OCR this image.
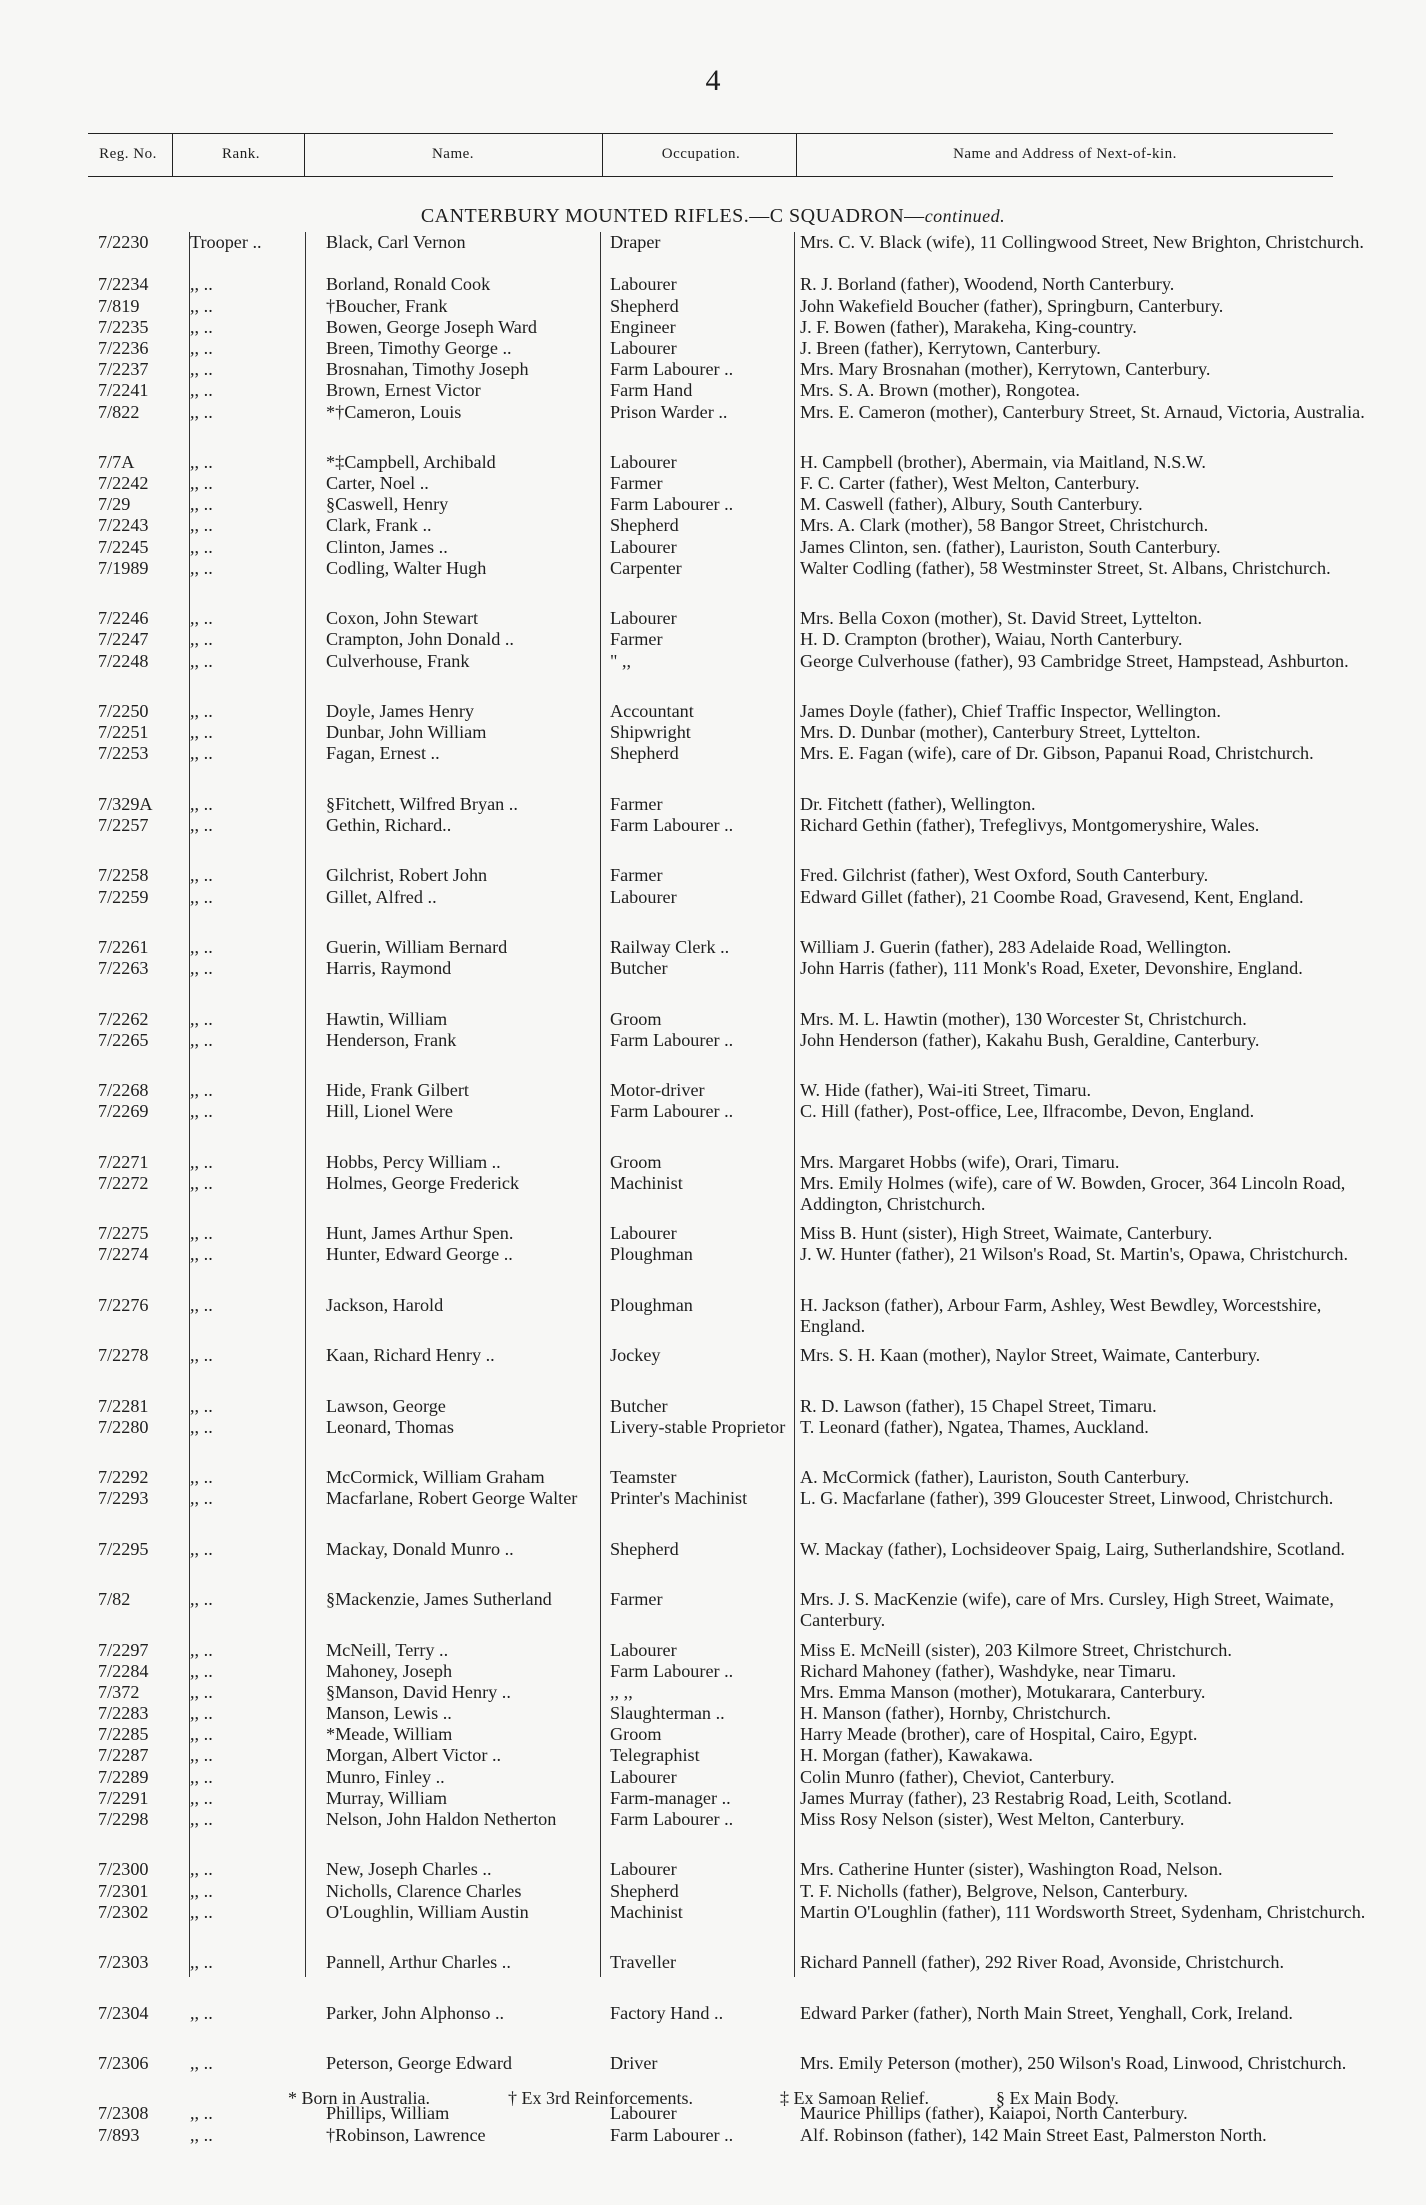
4
Reg. No.	Rank.	Name.	Occupation.	Name and Address of Next-of-kin.
CANTERBURY MOUNTED RIFLES.—C SQUADRON—continued.
7/2230	Trooper ..	Black, Carl Vernon	Draper	Mrs. C. V. Black (wife), 11 Collingwood Street, New Brighton, Christchurch.
7/2234	,, ..	Borland, Ronald Cook	Labourer	R. J. Borland (father), Woodend, North Canterbury.
7/819	,, ..	†Boucher, Frank	Shepherd	John Wakefield Boucher (father), Springburn, Canterbury.
7/2235	,, ..	Bowen, George Joseph Ward	Engineer	J. F. Bowen (father), Marakeha, King-country.
7/2236	,, ..	Breen, Timothy George ..	Labourer	J. Breen (father), Kerrytown, Canterbury.
7/2237	,, ..	Brosnahan, Timothy Joseph	Farm Labourer ..	Mrs. Mary Brosnahan (mother), Kerrytown, Canterbury.
7/2241	,, ..	Brown, Ernest Victor	Farm Hand	Mrs. S. A. Brown (mother), Rongotea.
7/822	,, ..	*†Cameron, Louis	Prison Warder ..	Mrs. E. Cameron (mother), Canterbury Street, St. Arnaud, Victoria, Australia.
7/7A	,, ..	*‡Campbell, Archibald	Labourer	H. Campbell (brother), Abermain, via Maitland, N.S.W.
7/2242	,, ..	Carter, Noel ..	Farmer	F. C. Carter (father), West Melton, Canterbury.
7/29	,, ..	§Caswell, Henry	Farm Labourer ..	M. Caswell (father), Albury, South Canterbury.
7/2243	,, ..	Clark, Frank ..	Shepherd	Mrs. A. Clark (mother), 58 Bangor Street, Christchurch.
7/2245	,, ..	Clinton, James ..	Labourer	James Clinton, sen. (father), Lauriston, South Canterbury.
7/1989	,, ..	Codling, Walter Hugh	Carpenter	Walter Codling (father), 58 Westminster Street, St. Albans, Christchurch.
7/2246	,, ..	Coxon, John Stewart	Labourer	Mrs. Bella Coxon (mother), St. David Street, Lyttelton.
7/2247	,, ..	Crampton, John Donald ..	Farmer	H. D. Crampton (brother), Waiau, North Canterbury.
7/2248	,, ..	Culverhouse, Frank	" ,,	George Culverhouse (father), 93 Cambridge Street, Hampstead, Ashburton.
7/2250	,, ..	Doyle, James Henry	Accountant	James Doyle (father), Chief Traffic Inspector, Wellington.
7/2251	,, ..	Dunbar, John William	Shipwright	Mrs. D. Dunbar (mother), Canterbury Street, Lyttelton.
7/2253	,, ..	Fagan, Ernest ..	Shepherd	Mrs. E. Fagan (wife), care of Dr. Gibson, Papanui Road, Christchurch.
7/329A	,, ..	§Fitchett, Wilfred Bryan ..	Farmer	Dr. Fitchett (father), Wellington.
7/2257	,, ..	Gethin, Richard..	Farm Labourer ..	Richard Gethin (father), Trefeglivys, Montgomeryshire, Wales.
7/2258	,, ..	Gilchrist, Robert John	Farmer	Fred. Gilchrist (father), West Oxford, South Canterbury.
7/2259	,, ..	Gillet, Alfred ..	Labourer	Edward Gillet (father), 21 Coombe Road, Gravesend, Kent, England.
7/2261	,, ..	Guerin, William Bernard	Railway Clerk ..	William J. Guerin (father), 283 Adelaide Road, Wellington.
7/2263	,, ..	Harris, Raymond	Butcher	John Harris (father), 111 Monk's Road, Exeter, Devonshire, England.
7/2262	,, ..	Hawtin, William	Groom	Mrs. M. L. Hawtin (mother), 130 Worcester St, Christchurch.
7/2265	,, ..	Henderson, Frank	Farm Labourer ..	John Henderson (father), Kakahu Bush, Geraldine, Canterbury.
7/2268	,, ..	Hide, Frank Gilbert	Motor-driver	W. Hide (father), Wai-iti Street, Timaru.
7/2269	,, ..	Hill, Lionel Were	Farm Labourer ..	C. Hill (father), Post-office, Lee, Ilfracombe, Devon, England.
7/2271	,, ..	Hobbs, Percy William ..	Groom	Mrs. Margaret Hobbs (wife), Orari, Timaru.
7/2272	,, ..	Holmes, George Frederick	Machinist	Mrs. Emily Holmes (wife), care of W. Bowden, Grocer, 364 Lincoln Road, Addington, Christchurch.
7/2275	,, ..	Hunt, James Arthur Spen.	Labourer	Miss B. Hunt (sister), High Street, Waimate, Canterbury.
7/2274	,, ..	Hunter, Edward George ..	Ploughman	J. W. Hunter (father), 21 Wilson's Road, St. Martin's, Opawa, Christchurch.
7/2276	,, ..	Jackson, Harold	Ploughman	H. Jackson (father), Arbour Farm, Ashley, West Bewdley, Worcestshire, England.
7/2278	,, ..	Kaan, Richard Henry ..	Jockey	Mrs. S. H. Kaan (mother), Naylor Street, Waimate, Canterbury.
7/2281	,, ..	Lawson, George	Butcher	R. D. Lawson (father), 15 Chapel Street, Timaru.
7/2280	,, ..	Leonard, Thomas	Livery-stable Proprietor T. Leonard (father), Ngatea, Thames, Auckland.
7/2292	,, ..	McCormick, William Graham	Teamster	A. McCormick (father), Lauriston, South Canterbury.
7/2293	,, ..	Macfarlane, Robert George Walter	Printer's Machinist	L. G. Macfarlane (father), 399 Gloucester Street, Linwood, Christchurch.
7/2295	,, ..	Mackay, Donald Munro ..	Shepherd	W. Mackay (father), Lochsideover Spaig, Lairg, Sutherlandshire, Scotland.
7/82	,, ..	§Mackenzie, James Sutherland	Farmer	Mrs. J. S. MacKenzie (wife), care of Mrs. Cursley, High Street, Waimate, Canterbury.
7/2297	,, ..	McNeill, Terry ..	Labourer	Miss E. McNeill (sister), 203 Kilmore Street, Christchurch.
7/2284	,, ..	Mahoney, Joseph	Farm Labourer ..	Richard Mahoney (father), Washdyke, near Timaru.
7/372	,, ..	§Manson, David Henry ..	,, ,,	Mrs. Emma Manson (mother), Motukarara, Canterbury.
7/2283	,, ..	Manson, Lewis ..	Slaughterman ..	H. Manson (father), Hornby, Christchurch.
7/2285	,, ..	*Meade, William	Groom	Harry Meade (brother), care of Hospital, Cairo, Egypt.
7/2287	,, ..	Morgan, Albert Victor ..	Telegraphist	H. Morgan (father), Kawakawa.
7/2289	,, ..	Munro, Finley ..	Labourer	Colin Munro (father), Cheviot, Canterbury.
7/2291	,, ..	Murray, William	Farm-manager ..	James Murray (father), 23 Restabrig Road, Leith, Scotland.
7/2298	,, ..	Nelson, John Haldon Netherton	Farm Labourer ..	Miss Rosy Nelson (sister), West Melton, Canterbury.
7/2300	,, ..	New, Joseph Charles ..	Labourer	Mrs. Catherine Hunter (sister), Washington Road, Nelson.
7/2301	,, ..	Nicholls, Clarence Charles	Shepherd	T. F. Nicholls (father), Belgrove, Nelson, Canterbury.
7/2302	,, ..	O'Loughlin, William Austin	Machinist	Martin O'Loughlin (father), 111 Wordsworth Street, Sydenham, Christchurch.
7/2303	,, ..	Pannell, Arthur Charles ..	Traveller	Richard Pannell (father), 292 River Road, Avonside, Christchurch.
7/2304	,, ..	Parker, John Alphonso ..	Factory Hand ..	Edward Parker (father), North Main Street, Yenghall, Cork, Ireland.
7/2306	,, ..	Peterson, George Edward	Driver	Mrs. Emily Peterson (mother), 250 Wilson's Road, Linwood, Christchurch.
7/2308	,, ..	Phillips, William	Labourer	Maurice Phillips (father), Kaiapoi, North Canterbury.
7/893	,, ..	†Robinson, Lawrence	Farm Labourer ..	Alf. Robinson (father), 142 Main Street East, Palmerston North.
* Born in Australia.	† Ex 3rd Reinforcements.	‡ Ex Samoan Relief.	§ Ex Main Body.
